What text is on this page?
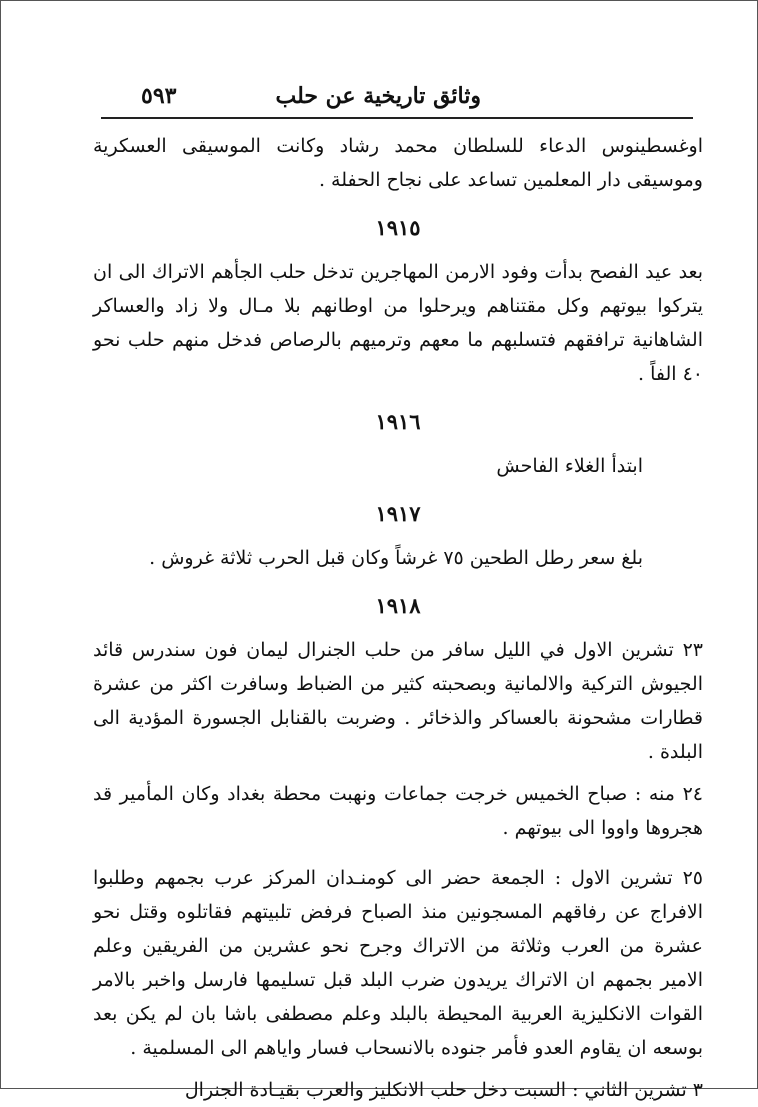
وثائق تاريخية عن حلب
٥٩٣

اوغسطينوس الدعاء للسلطان محمد رشاد وكانت الموسيقى العسكرية وموسيقى دار المعلمين تساعد على نجاح الحفلة .

١٩١٥

بعد عيد الفصح بدأت وفود الارمن المهاجرين تدخل حلب الجأهم الاتراك الى ان يتركوا بيوتهم وكل مقتناهم ويرحلوا من اوطانهم بلا مـال ولا زاد والعساكر الشاهانية ترافقهم فتسلبهم ما معهم وترميهم بالرصاص فدخل منهم حلب نحو ٤٠ الفاً .

١٩١٦

ابتدأ الغلاء الفاحش

١٩١٧

بلغ سعر رطل الطحين ٧٥ غرشاً وكان قبل الحرب ثلاثة غروش .

١٩١٨

٢٣ تشرين الاول في الليل سافر من حلب الجنرال ليمان فون سندرس قائد الجيوش التركية والالمانية وبصحبته كثير من الضباط وسافرت اكثر من عشرة قطارات مشحونة بالعساكر والذخائر . وضربت بالقنابل الجسورة المؤدية الى البلدة .

٢٤ منه : صباح الخميس خرجت جماعات ونهبت محطة بغداد وكان المأمير قد هجروها واووا الى بيوتهم .

٢٥ تشرين الاول : الجمعة حضر الى كومنـدان المركز عرب بجمهم وطلبوا الافراج عن رفاقهم المسجونين منذ الصباح فرفض تلبيتهم فقاتلوه وقتل نحو عشرة من العرب وثلاثة من الاتراك وجرح نحو عشرين من الفريقين وعلم الامير بجمهم ان الاتراك يريدون ضرب البلد قبل تسليمها فارسل واخبر بالامر القوات الانكليزية العربية المحيطة بالبلد وعلم مصطفى باشا بان لم يكن بعد بوسعه ان يقاوم العدو فأمر جنوده بالانسحاب فسار واياهم الى المسلمية .

٣ تشرين الثاني : السبت دخل حلب الانكليز والعرب بقيـادة الجنرال
